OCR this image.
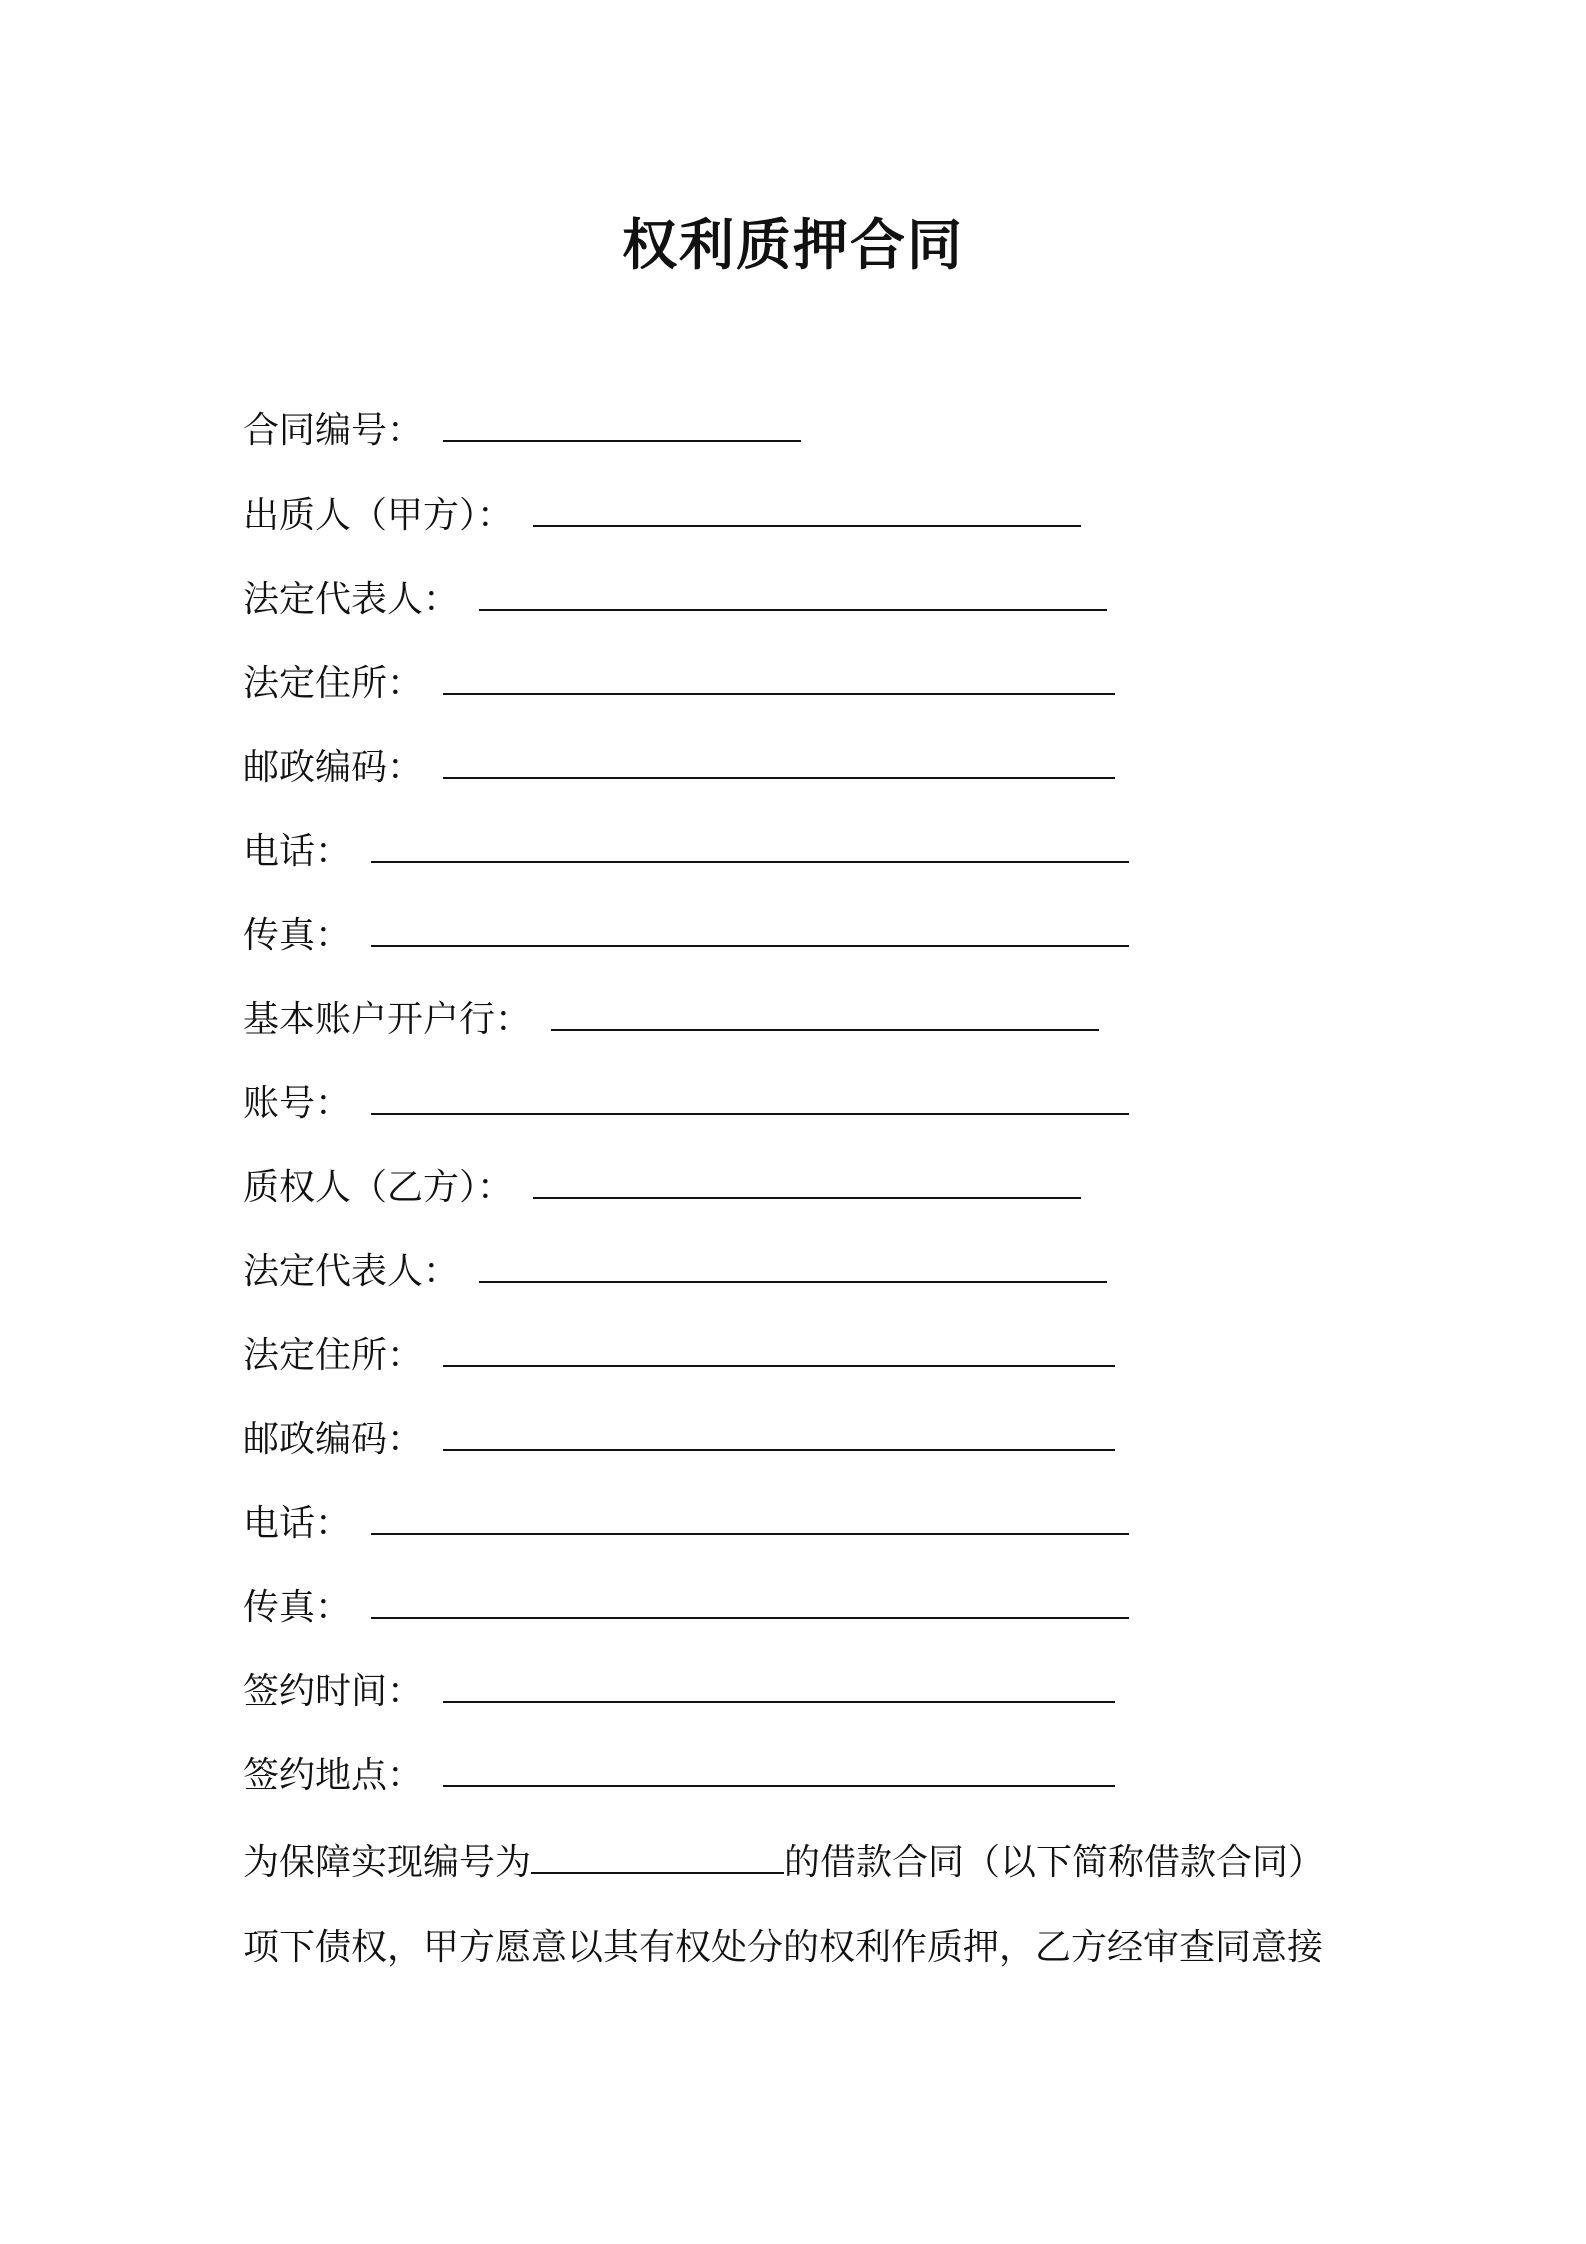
权利质押合同
合同编号：
出质人（甲方）：
法定代表人：
法定住所：
邮政编码：
电话：
传真：
基本账户开户行：
账号：
质权人（乙方）：
法定代表人：
法定住所：
邮政编码：
电话：
传真：
签约时间：
签约地点：
为保障实现编号为	的借款合同（以下简称借款合同）
项下债权，甲方愿意以其有权处分的权利作质押，乙方经审查同意接
